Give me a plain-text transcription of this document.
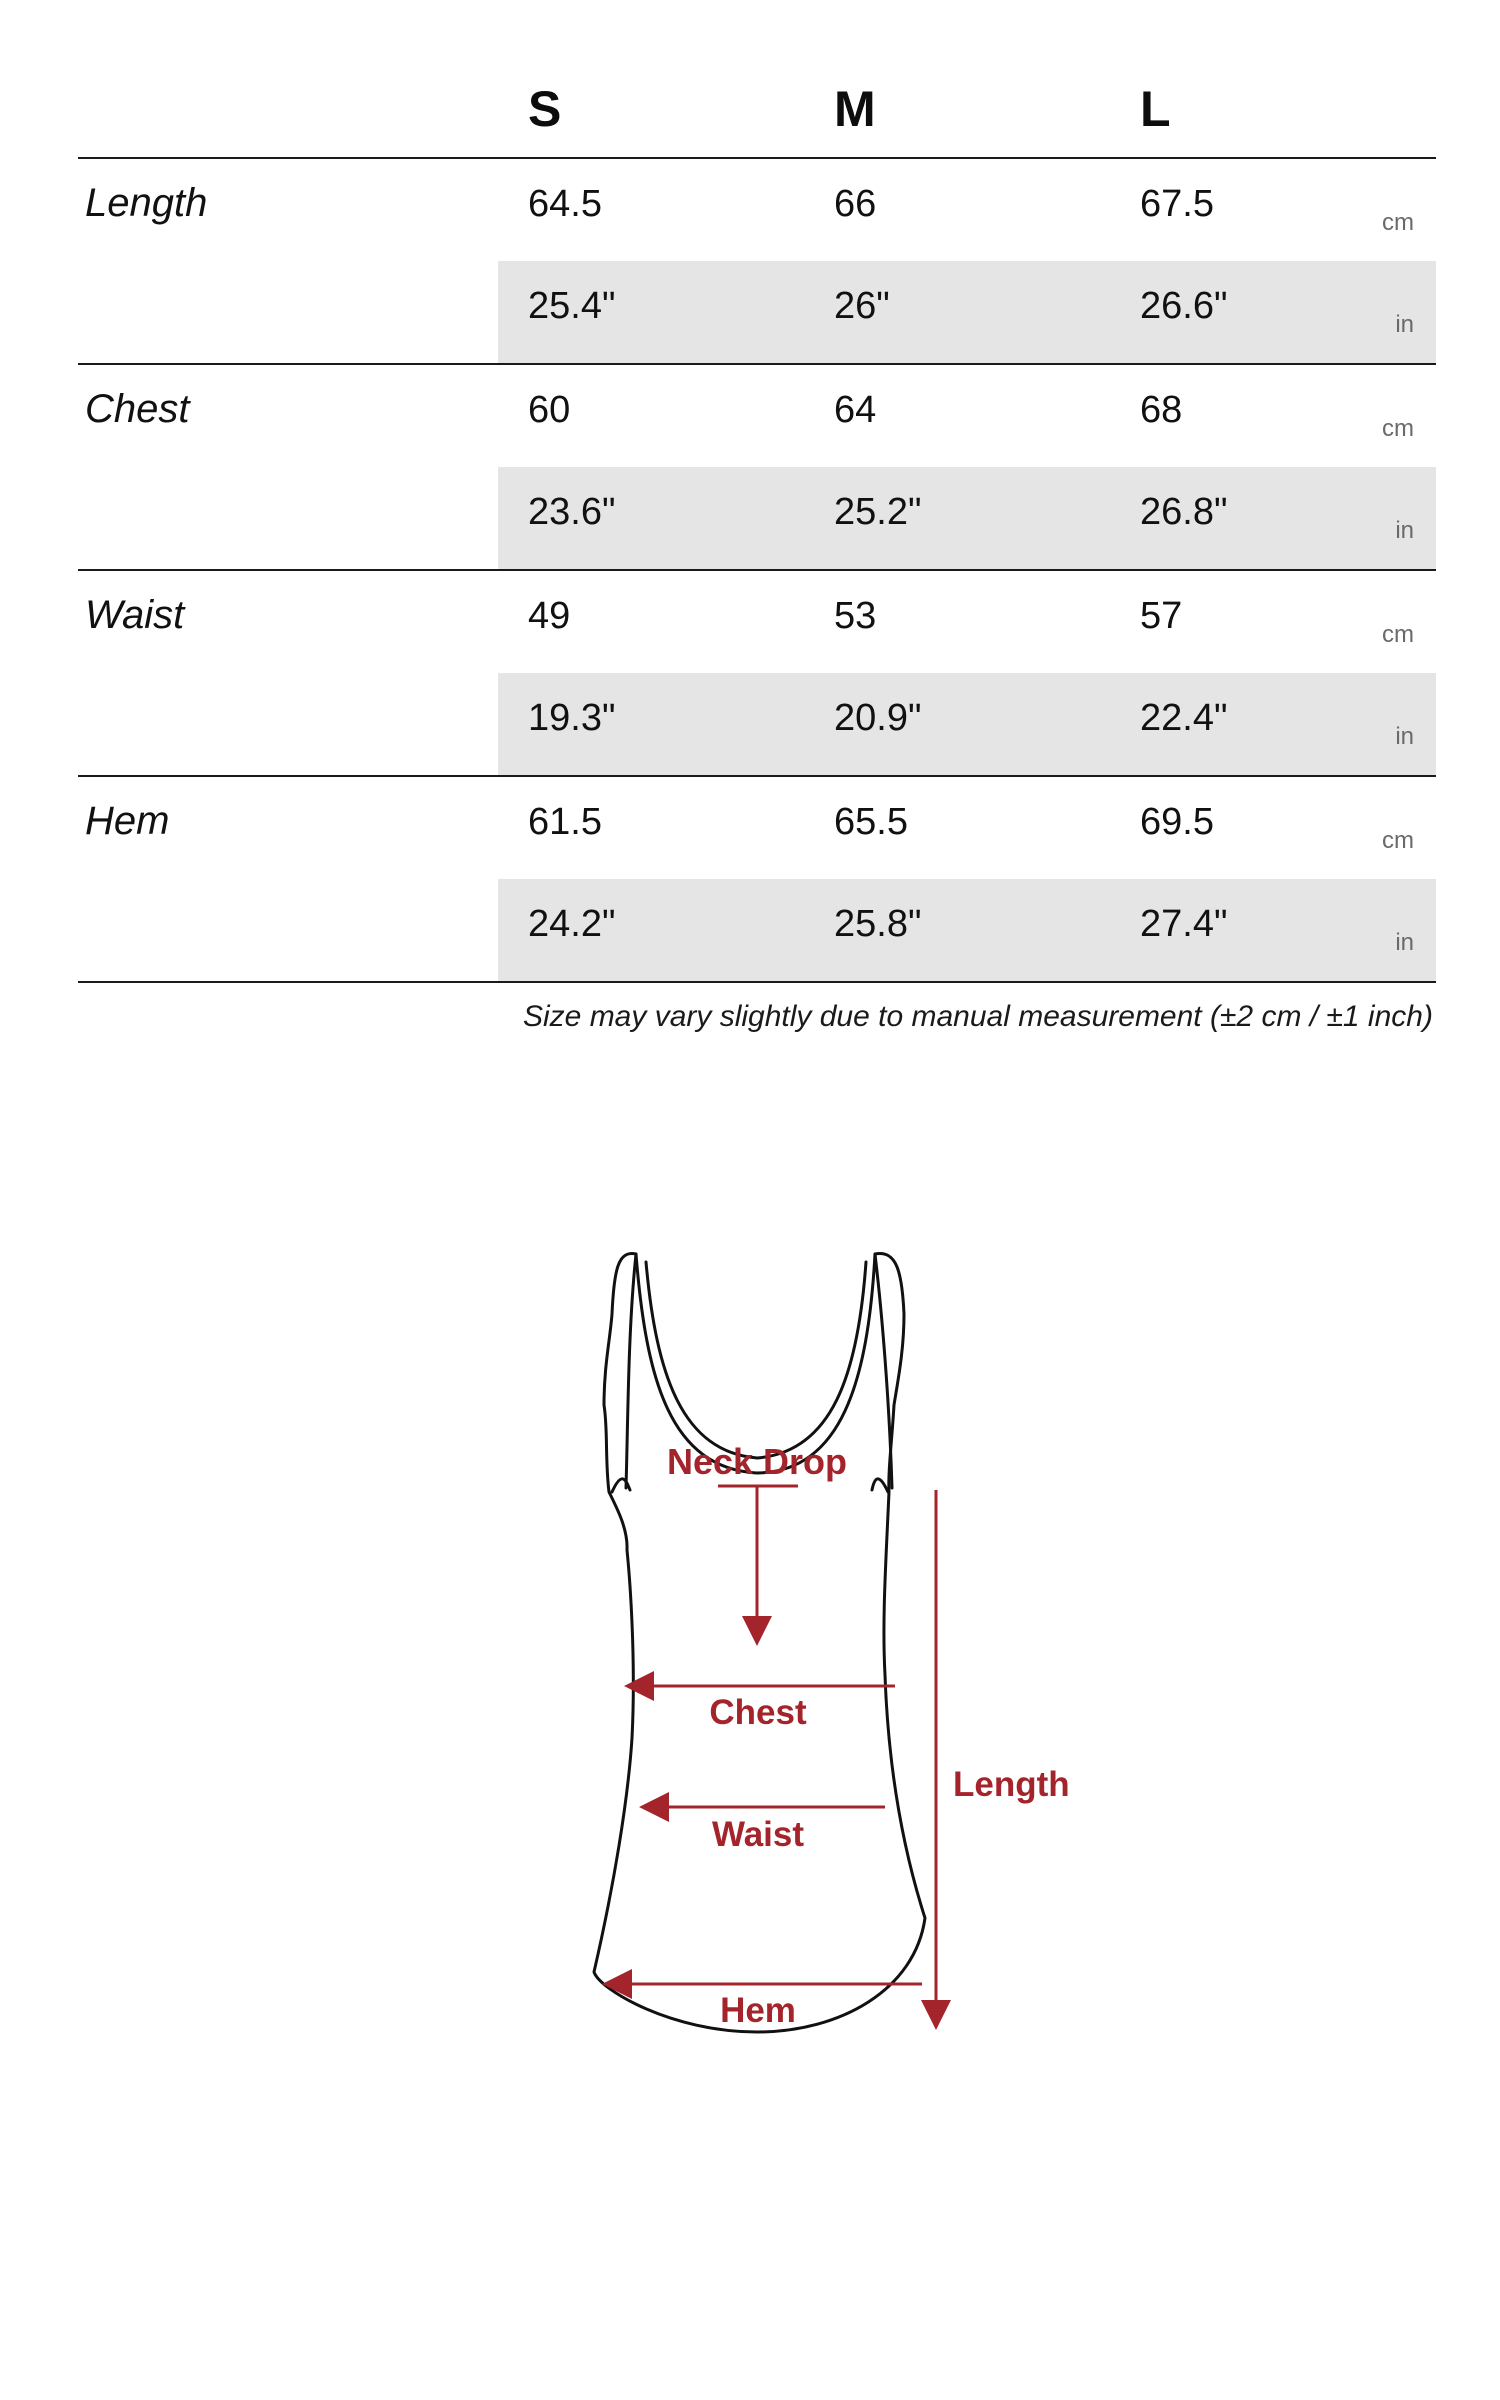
S	M	L
Length	64.5	66	67.5	cm
25.4"	26"	26.6"	in
Chest	60	64	68	cm
23.6"	25.2"	26.8"	in
Waist	49	53	57	cm
19.3"	20.9"	22.4"	in
Hem	61.5	65.5	69.5	cm
24.2"	25.8"	27.4"	in
Size may vary slightly due to manual measurement (±2 cm / ±1 inch)
Neck Drop
Chest
Waist
Hem
Length
